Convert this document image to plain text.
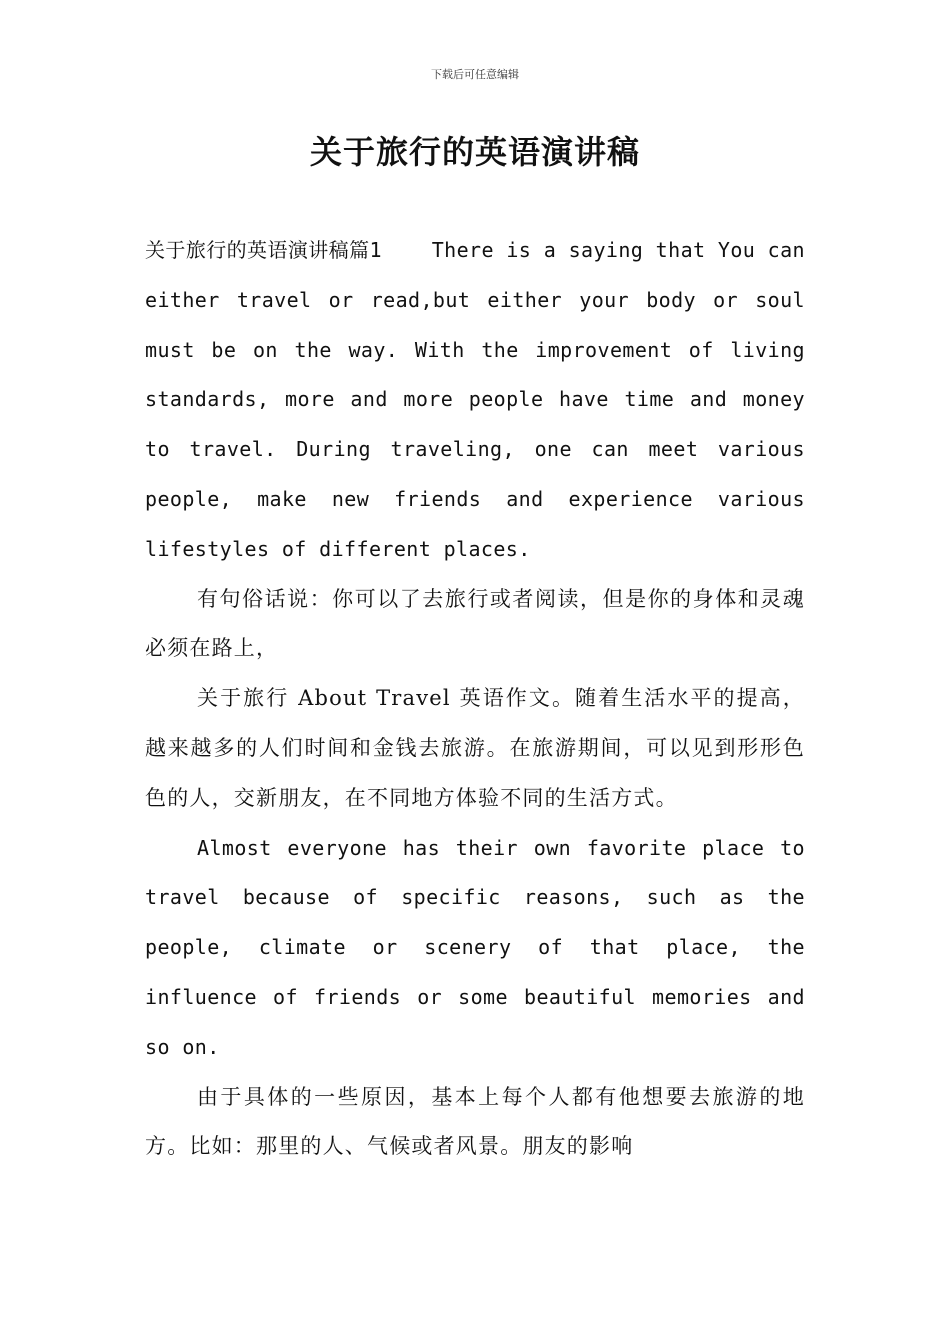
下载后可任意编辑
关于旅行的英语演讲稿

关于旅行的英语演讲稿篇1    There is a saying that You can either travel or read,but either your body or soul must be on the way. With the improvement of living standards, more and more people have time and money to travel. During traveling, one can meet various people, make new friends and experience various lifestyles of different places.

有句俗话说：你可以了去旅行或者阅读，但是你的身体和灵魂必须在路上，

关于旅行 About Travel 英语作文。随着生活水平的提高，越来越多的人们时间和金钱去旅游。在旅游期间，可以见到形形色色的人，交新朋友，在不同地方体验不同的生活方式。

Almost everyone has their own favorite place to travel because of specific reasons, such as the people, climate or scenery of that place, the influence of friends or some beautiful memories and so on.

由于具体的一些原因，基本上每个人都有他想要去旅游的地方。比如：那里的人、气候或者风景。朋友的影响
